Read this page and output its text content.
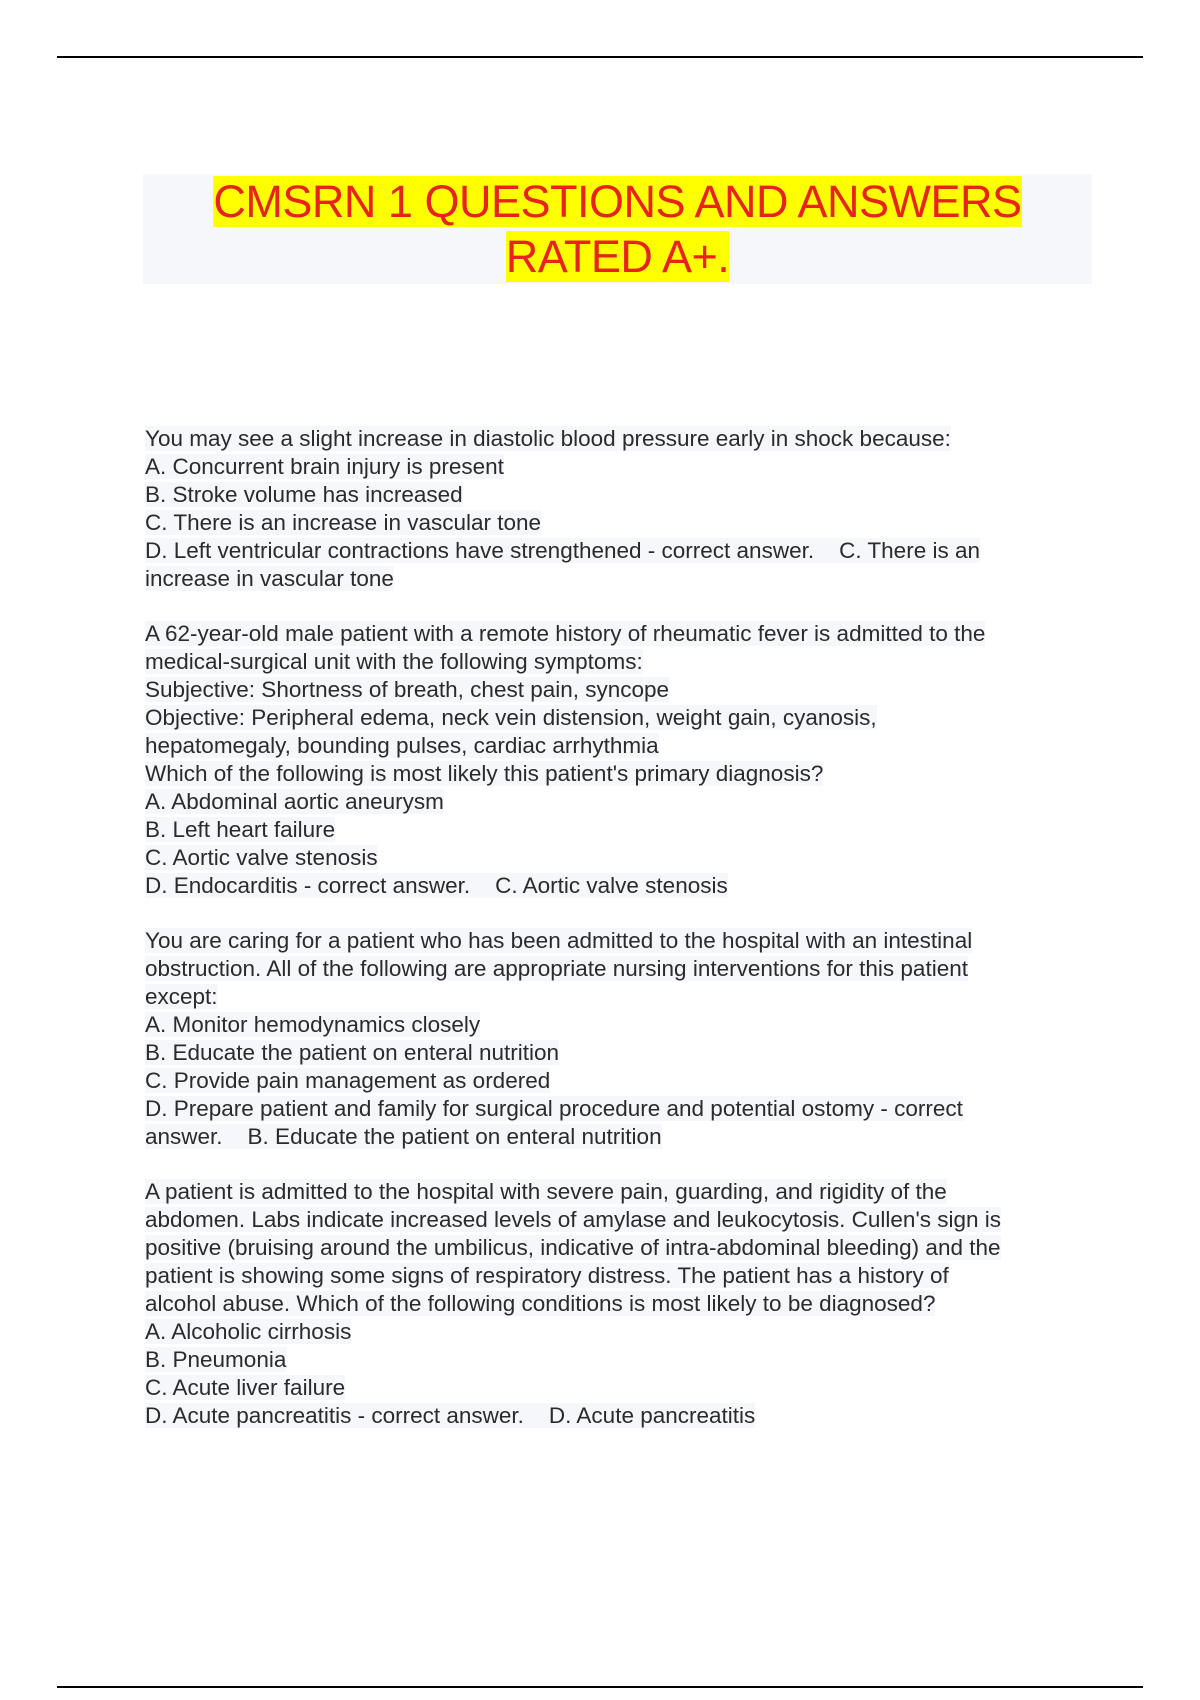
CMSRN 1 QUESTIONS AND ANSWERS
RATED A+.
You may see a slight increase in diastolic blood pressure early in shock because:
A. Concurrent brain injury is present
B. Stroke volume has increased
C. There is an increase in vascular tone
D. Left ventricular contractions have strengthened - correct answer.    C. There is an
increase in vascular tone
A 62-year-old male patient with a remote history of rheumatic fever is admitted to the
medical-surgical unit with the following symptoms:
Subjective: Shortness of breath, chest pain, syncope
Objective: Peripheral edema, neck vein distension, weight gain, cyanosis,
hepatomegaly, bounding pulses, cardiac arrhythmia
Which of the following is most likely this patient's primary diagnosis?
A. Abdominal aortic aneurysm
B. Left heart failure
C. Aortic valve stenosis
D. Endocarditis - correct answer.    C. Aortic valve stenosis
You are caring for a patient who has been admitted to the hospital with an intestinal
obstruction. All of the following are appropriate nursing interventions for this patient
except:
A. Monitor hemodynamics closely
B. Educate the patient on enteral nutrition
C. Provide pain management as ordered
D. Prepare patient and family for surgical procedure and potential ostomy - correct
answer.    B. Educate the patient on enteral nutrition
A patient is admitted to the hospital with severe pain, guarding, and rigidity of the
abdomen. Labs indicate increased levels of amylase and leukocytosis. Cullen's sign is
positive (bruising around the umbilicus, indicative of intra-abdominal bleeding) and the
patient is showing some signs of respiratory distress. The patient has a history of
alcohol abuse. Which of the following conditions is most likely to be diagnosed?
A. Alcoholic cirrhosis
B. Pneumonia
C. Acute liver failure
D. Acute pancreatitis - correct answer.    D. Acute pancreatitis
